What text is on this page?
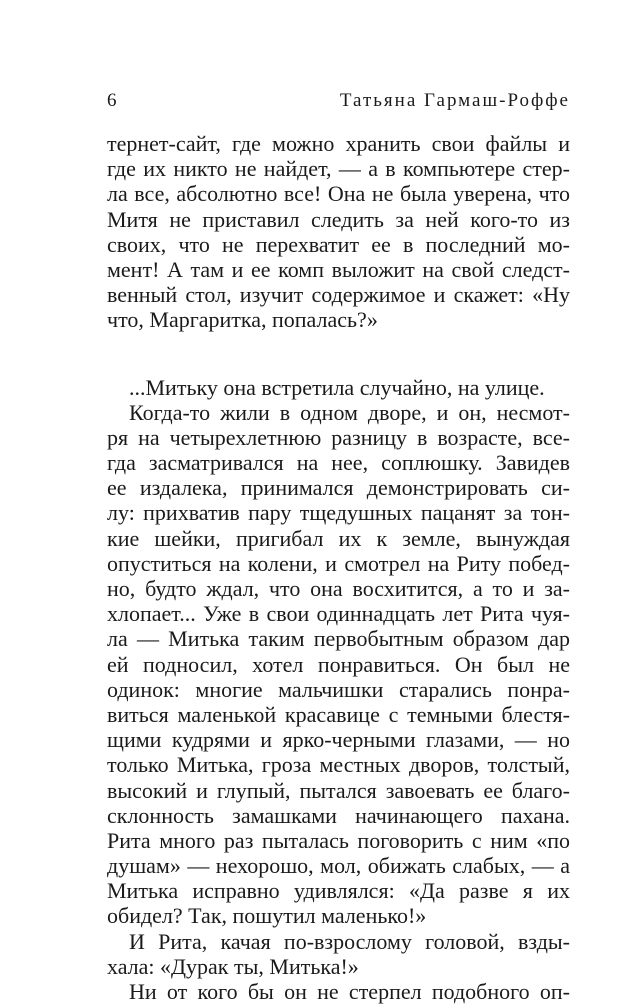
6	Татьяна Гармаш-Роффе
тернет-сайт, где можно хранить свои файлы и
где их никто не найдет, — а в компьютере стер-
ла все, абсолютно все! Она не была уверена, что
Митя не приставил следить за ней кого-то из
своих, что не перехватит ее в последний мо-
мент! А там и ее комп выложит на свой следст-
венный стол, изучит содержимое и скажет: «Ну
что, Маргаритка, попалась?»
...Митьку она встретила случайно, на улице.
Когда-то жили в одном дворе, и он, несмот-
ря на четырехлетнюю разницу в возрасте, все-
гда засматривался на нее, соплюшку. Завидев
ее издалека, принимался демонстрировать си-
лу: прихватив пару тщедушных пацанят за тон-
кие шейки, пригибал их к земле, вынуждая
опуститься на колени, и смотрел на Риту побед-
но, будто ждал, что она восхитится, а то и за-
хлопает... Уже в свои одиннадцать лет Рита чуя-
ла — Митька таким первобытным образом дар
ей подносил, хотел понравиться. Он был не
одинок: многие мальчишки старались понра-
виться маленькой красавице с темными блестя-
щими кудрями и ярко-черными глазами, — но
только Митька, гроза местных дворов, толстый,
высокий и глупый, пытался завоевать ее благо-
склонность замашками начинающего пахана.
Рита много раз пыталась поговорить с ним «по
душам» — нехорошо, мол, обижать слабых, — а
Митька исправно удивлялся: «Да разве я их
обидел? Так, пошутил маленько!»
И Рита, качая по-взрослому головой, взды-
хала: «Дурак ты, Митька!»
Ни от кого бы он не стерпел подобного оп-
